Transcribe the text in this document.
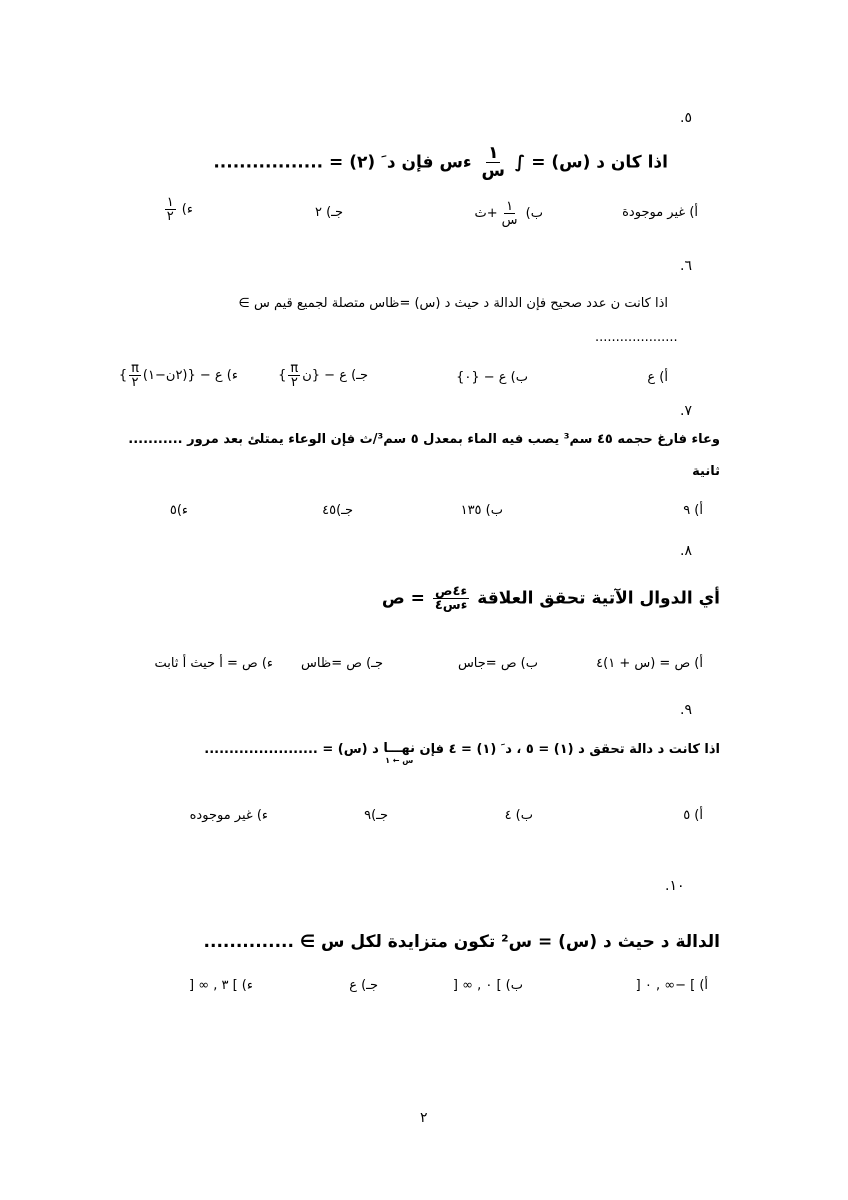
.٥
اذا كان د (س) = ∫
$\frac{١}{\text{س}}$
ءس فإن د َ (٢) = .................
أ) غير موجودة
ب)
$\frac{١}{\text{س}}$
+ث
جـ) ٢
ء)
$\frac{١}{٢}$
.٦
اذا كانت ﻥ عدد صحيح فإن الدالة د حيث د (س) =ظاس متصلة لجميع قيم س ∋
....................
أ) ع
ب) ع − {٠}
جـ) ع − {ﻥ
$\frac{\pi}{٢}$
}
ء) ع − {(٢ﻥ−١)
$\frac{\pi}{٢}$
}
.٧
وعاء فارغ حجمه ٤٥ سم³ يصب فيه الماء بمعدل ٥ سم³/ث فإن الوعاء يمتلئ بعد مرور ...........
ثانية
أ) ٩
ب) ١٣٥
جـ)٤٥
ء)٥
.٨
أي الدوال الآتية تحقق العلاقة
$\frac{\text{ء٤ص}}{\text{ءس٤}}$
= ص
أ) ص = (س + ١)٤
ب) ص =جاس
جـ) ص =ظاس
ء) ص = أ حيث أ ثابت
.٩
اذا كانت د دالة تحقق د (١) = ٥ ، د َ (١) = ٤ فإن
نهـــا
س ← ١
د (س) = .......................
أ) ٥
ب) ٤
جـ)٩
ء) غير موجوده
.١٠
الدالة د حيث د (س) = س² تكون متزايدة لكل س ∋ ..............
أ) ] −∞ , ٠ [
ب) ] ٠ , ∞ [
جـ) ع
ء) ] ٣ , ∞ [
٢
